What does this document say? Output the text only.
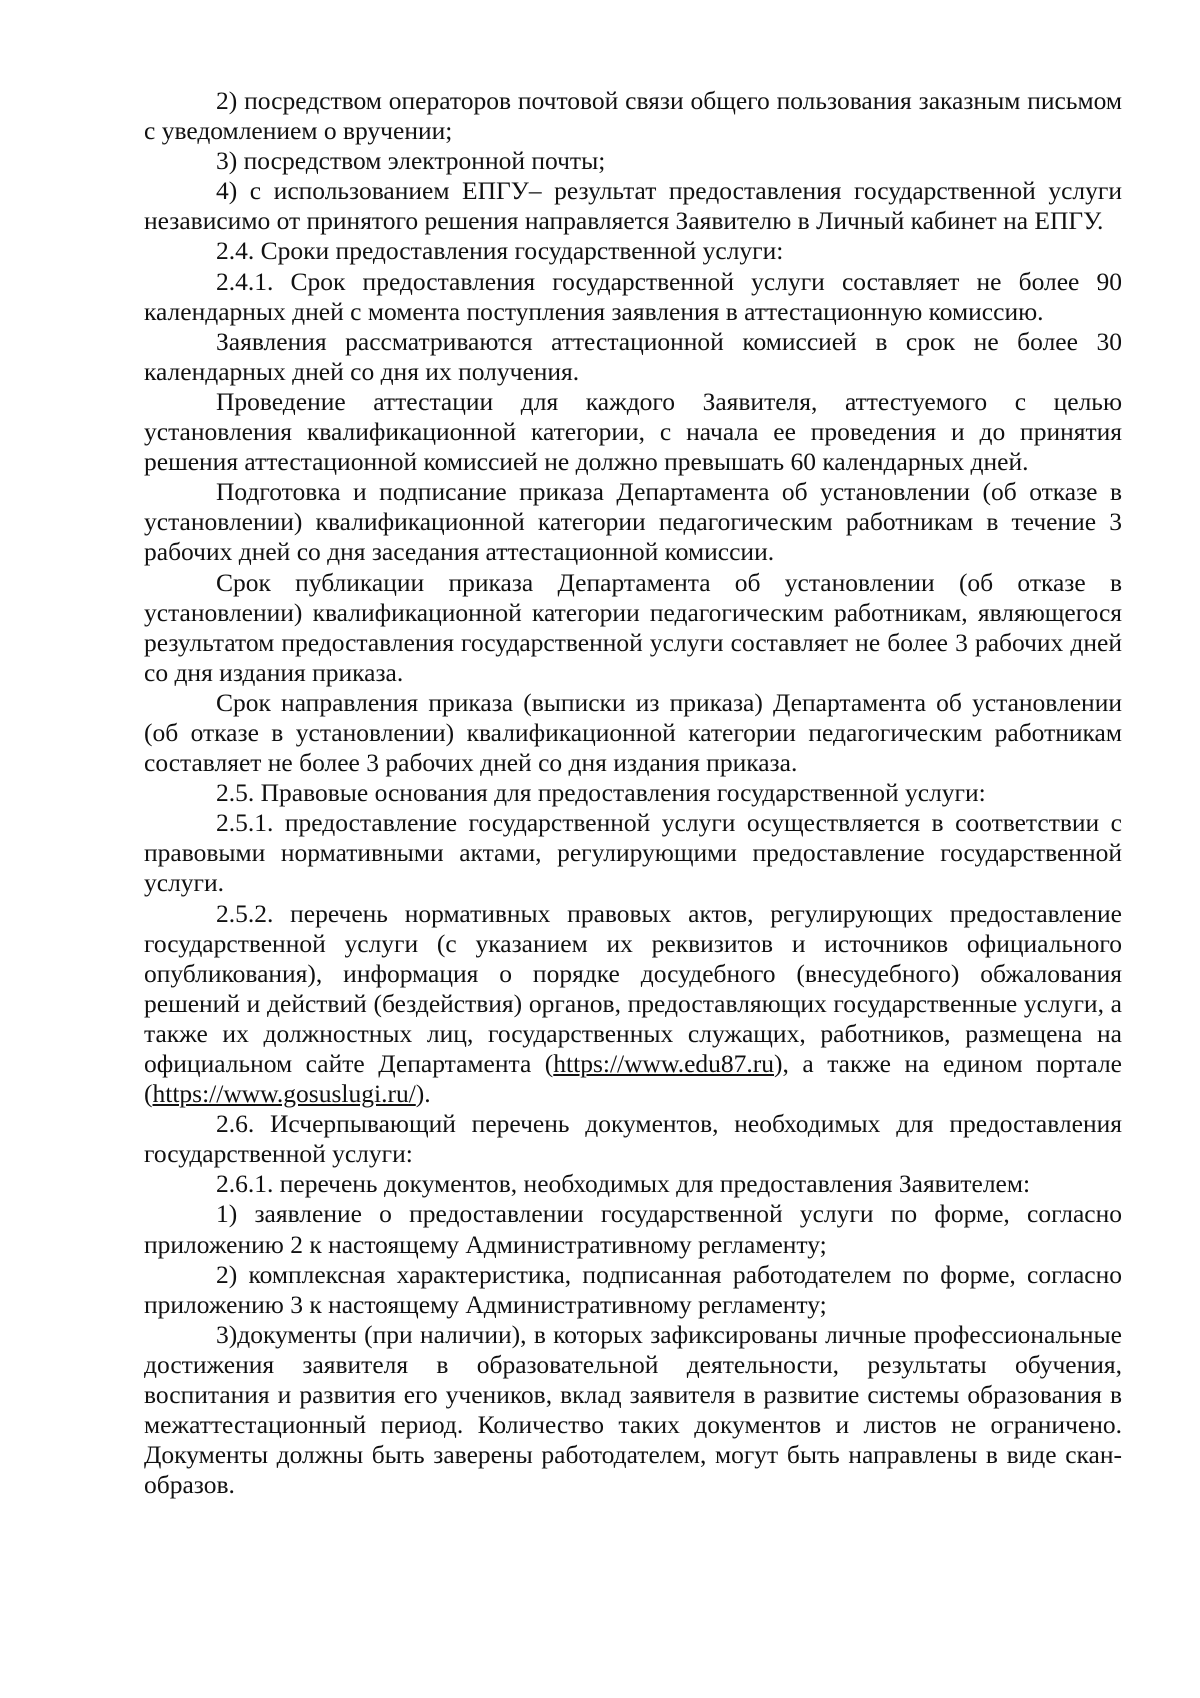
2) посредством операторов почтовой связи общего пользования заказным письмом с уведомлением о вручении;

3) посредством электронной почты;

4) с использованием ЕПГУ– результат предоставления государственной услуги независимо от принятого решения направляется Заявителю в Личный кабинет на ЕПГУ.

2.4. Сроки предоставления государственной услуги:

2.4.1. Срок предоставления государственной услуги составляет не более 90 календарных дней с момента поступления заявления в аттестационную комиссию.

Заявления рассматриваются аттестационной комиссией в срок не более 30 календарных дней со дня их получения.

Проведение аттестации для каждого Заявителя, аттестуемого с целью установления квалификационной категории, с начала ее проведения и до принятия решения аттестационной комиссией не должно превышать 60 календарных дней.

Подготовка и подписание приказа Департамента об установлении (об отказе в установлении) квалификационной категории педагогическим работникам в течение 3 рабочих дней со дня заседания аттестационной комиссии.

Срок публикации приказа Департамента об установлении (об отказе в установлении) квалификационной категории педагогическим работникам, являющегося результатом предоставления государственной услуги составляет не более 3 рабочих дней со дня издания приказа.

Срок направления приказа (выписки из приказа) Департамента об установлении (об отказе в установлении) квалификационной категории педагогическим работникам составляет не более 3 рабочих дней со дня издания приказа.

2.5. Правовые основания для предоставления государственной услуги:

2.5.1. предоставление государственной услуги осуществляется в соответствии с правовыми нормативными актами, регулирующими предоставление государственной услуги.

2.5.2. перечень нормативных правовых актов, регулирующих предоставление государственной услуги (с указанием их реквизитов и источников официального опубликования), информация о порядке досудебного (внесудебного) обжалования решений и действий (бездействия) органов, предоставляющих государственные услуги, а также их должностных лиц, государственных служащих, работников, размещена на официальном сайте Департамента (https://www.edu87.ru), а также на едином портале (https://www.gosuslugi.ru/).

2.6. Исчерпывающий перечень документов, необходимых для предоставления государственной услуги:

2.6.1. перечень документов, необходимых для предоставления Заявителем:

1) заявление о предоставлении государственной услуги по форме, согласно приложению 2 к настоящему Административному регламенту;

2) комплексная характеристика, подписанная работодателем по форме, согласно приложению 3 к настоящему Административному регламенту;

3)документы (при наличии), в которых зафиксированы личные профессиональные достижения заявителя в образовательной деятельности, результаты обучения, воспитания и развития его учеников, вклад заявителя в развитие системы образования в межаттестационный период. Количество таких документов и листов не ограничено. Документы должны быть заверены работодателем, могут быть направлены в виде скан-образов.
